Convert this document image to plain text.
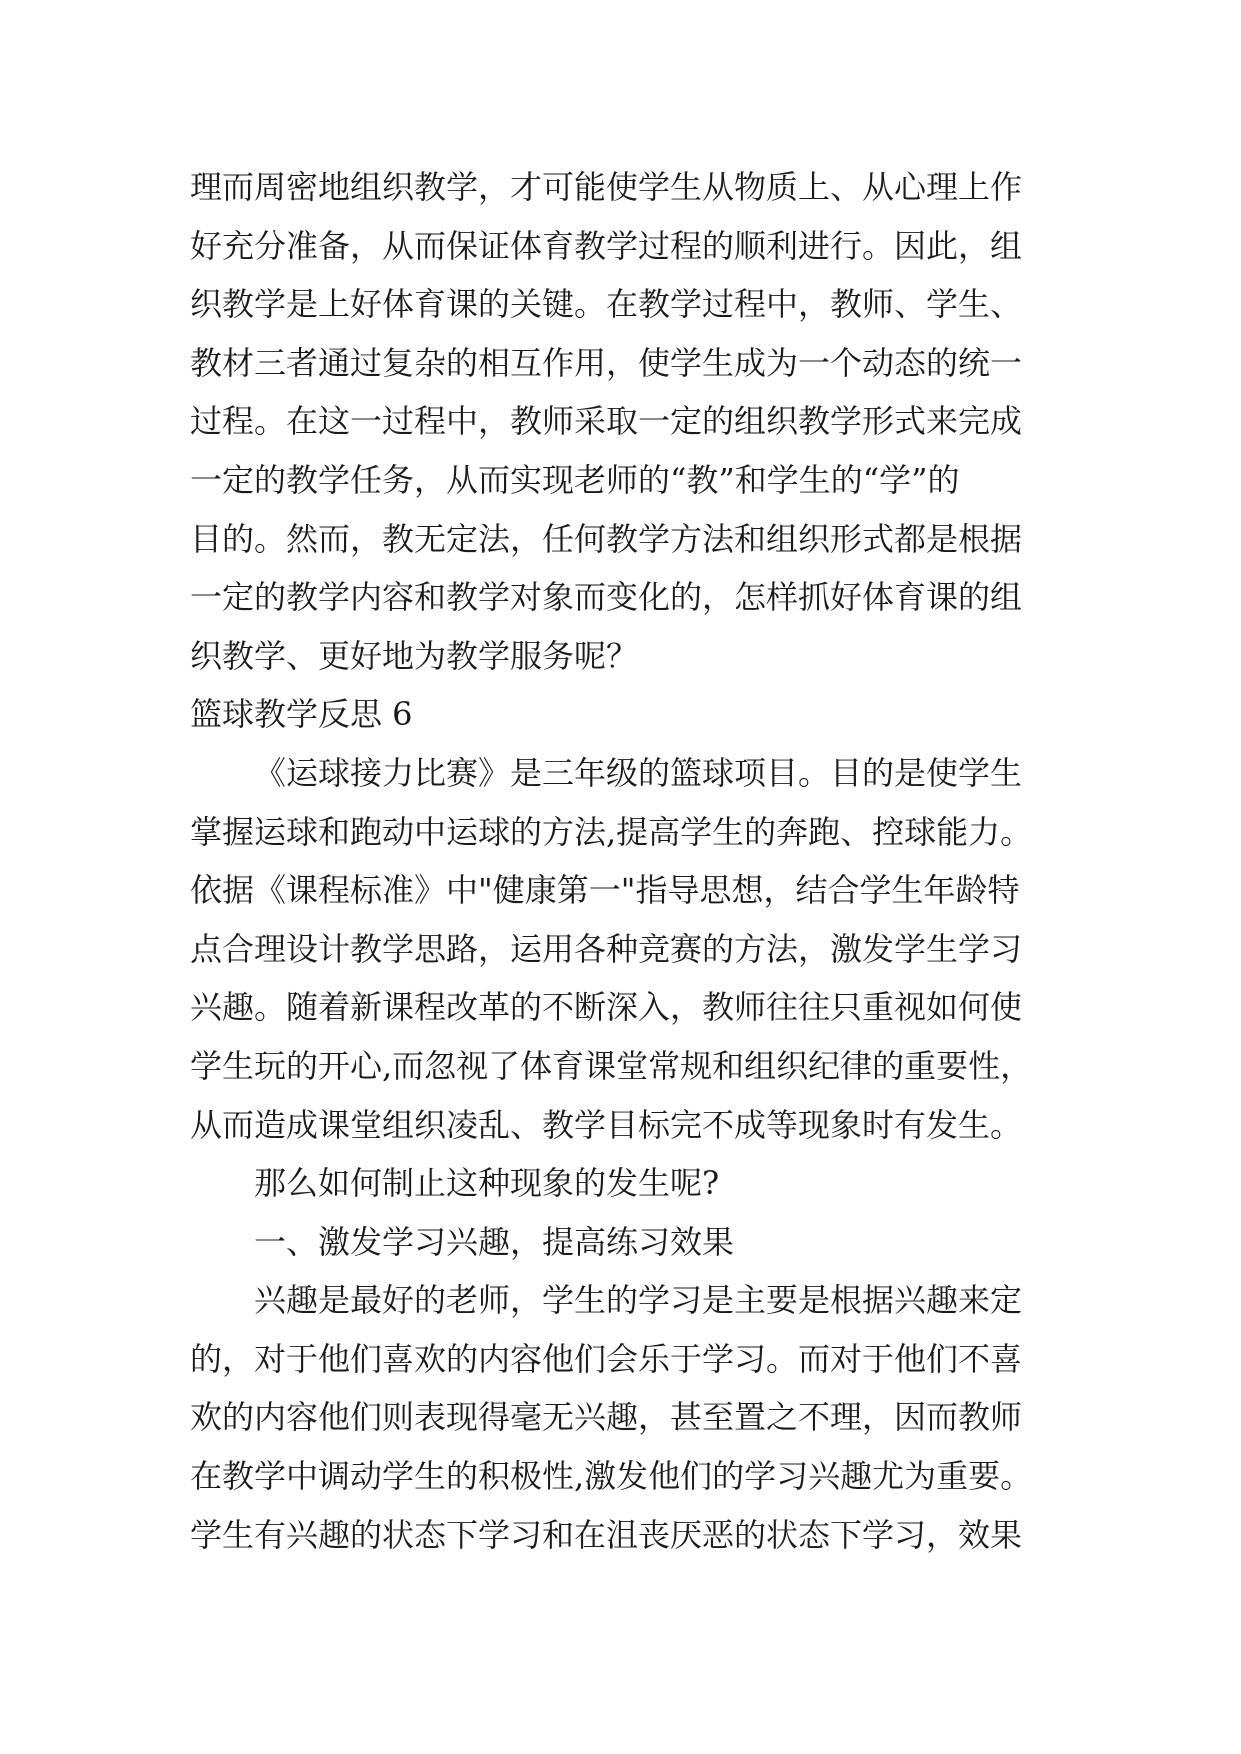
理而周密地组织教学，才可能使学生从物质上、从心理上作
好充分准备，从而保证体育教学过程的顺利进行。因此，组
织教学是上好体育课的关键。在教学过程中，教师、学生、
教材三者通过复杂的相互作用，使学生成为一个动态的统一
过程。在这一过程中，教师采取一定的组织教学形式来完成
一定的教学任务，从而实现老师的“教”和学生的“学”的
目的。然而，教无定法，任何教学方法和组织形式都是根据
一定的教学内容和教学对象而变化的，怎样抓好体育课的组
织教学、更好地为教学服务呢？
篮球教学反思 6
《运球接力比赛》是三年级的篮球项目。目的是使学生
掌握运球和跑动中运球的方法,提高学生的奔跑、控球能力。
依据《课程标准》中"健康第一"指导思想，结合学生年龄特
点合理设计教学思路，运用各种竞赛的方法，激发学生学习
兴趣。随着新课程改革的不断深入，教师往往只重视如何使
学生玩的开心,而忽视了体育课堂常规和组织纪律的重要性，
从而造成课堂组织凌乱、教学目标完不成等现象时有发生。
那么如何制止这种现象的发生呢?
一、激发学习兴趣，提高练习效果
兴趣是最好的老师，学生的学习是主要是根据兴趣来定
的，对于他们喜欢的内容他们会乐于学习。而对于他们不喜
欢的内容他们则表现得毫无兴趣，甚至置之不理，因而教师
在教学中调动学生的积极性,激发他们的学习兴趣尤为重要。
学生有兴趣的状态下学习和在沮丧厌恶的状态下学习，效果
